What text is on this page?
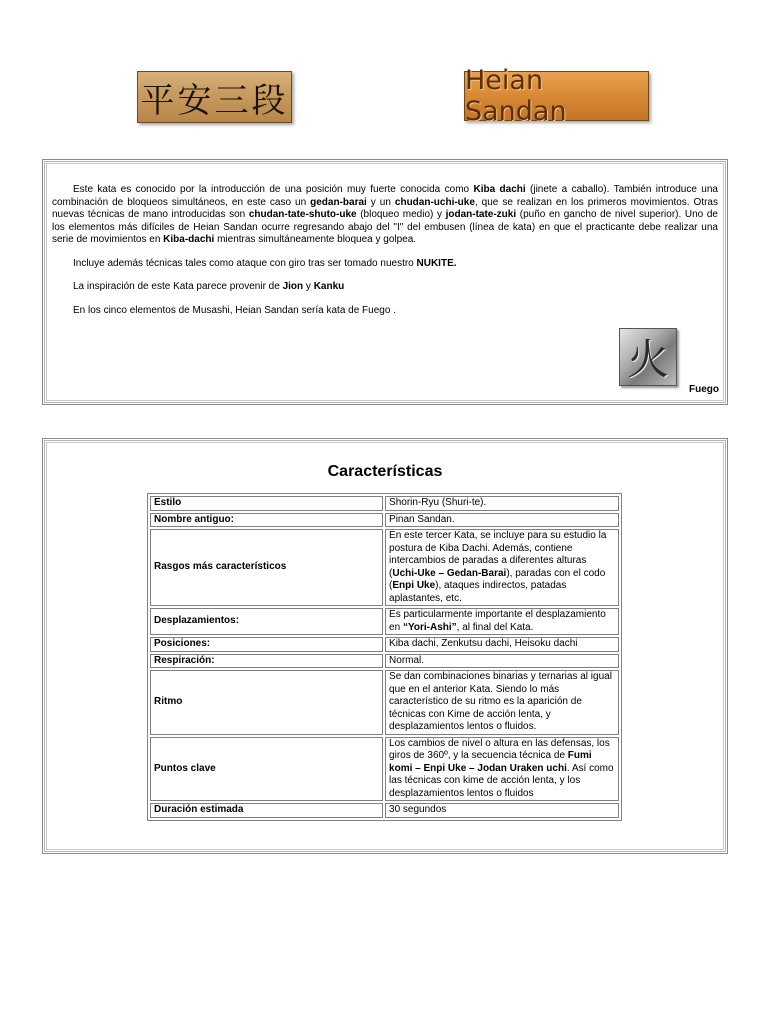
平安三段	Heian Sandan

Este kata es conocido por la introducción de una posición muy fuerte conocida como Kiba dachi (jinete a caballo). También introduce una combinación de bloqueos simultáneos, en este caso un gedan-barai y un chudan-uchi-uke, que se realizan en los primeros movimientos. Otras nuevas técnicas de mano introducidas son chudan-tate-shuto-uke (bloqueo medio) y jodan-tate-zuki (puño en gancho de nivel superior). Uno de los elementos más difíciles de Heian Sandan ocurre regresando abajo del "I" del embusen (línea de kata) en que el practicante debe realizar una serie de movimientos en Kiba-dachi mientras simultáneamente bloquea y golpea.

Incluye además técnicas tales como ataque con giro tras ser tomado nuestro NUKITE.

La inspiración de este Kata parece provenir de Jion y Kanku

En los cinco elementos de Musashi, Heian Sandan sería kata de Fuego .

火
Fuego
Características
Estilo	Shorin-Ryu (Shuri-te).
Nombre antiguo:	Pinan Sandan.
Rasgos más característicos	En este tercer Kata, se incluye para su estudio la postura de Kiba Dachi. Además, contiene intercambios de paradas a diferentes alturas (Uchi-Uke – Gedan-Barai), paradas con el codo (Enpi Uke), ataques indirectos, patadas aplastantes, etc.
Desplazamientos:	Es particularmente importante el desplazamiento en “Yori-Ashi”, al final del Kata.
Posiciones:	Kiba dachi, Zenkutsu dachi, Heisoku dachi
Respiración:	Normal.
Ritmo	Se dan combinaciones binarias y ternarias al igual que en el anterior Kata. Siendo lo más característico de su ritmo es la aparición de técnicas con Kime de acción lenta, y desplazamientos lentos o fluidos.
Puntos clave	Los cambios de nivel o altura en las defensas, los giros de 360º, y la secuencia técnica de Fumi komi – Enpi Uke – Jodan Uraken uchi. Así como las técnicas con kime de acción lenta, y los desplazamientos lentos o fluidos
Duración estimada	30 segundos
